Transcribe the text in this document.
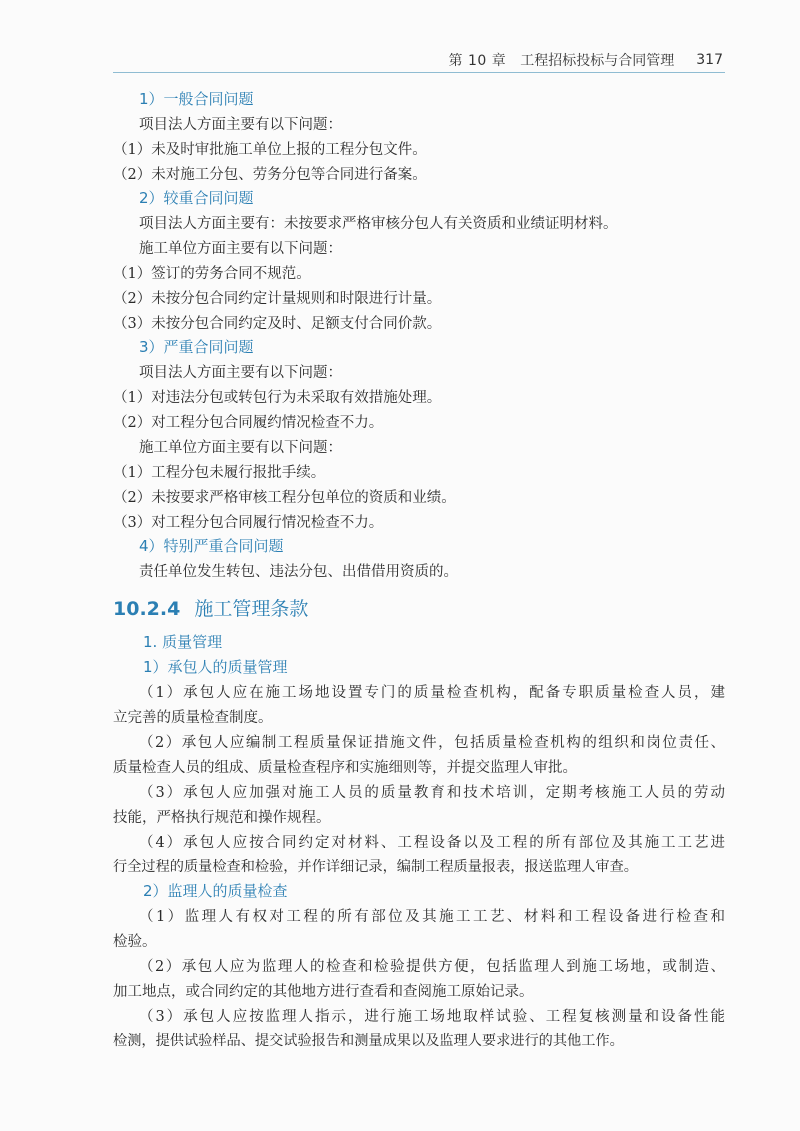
第 10 章 工程招标投标与合同管理 317
1）一般合同问题
项目法人方面主要有以下问题：
（1）未及时审批施工单位上报的工程分包文件。
（2）未对施工分包、劳务分包等合同进行备案。
2）较重合同问题
项目法人方面主要有：未按要求严格审核分包人有关资质和业绩证明材料。
施工单位方面主要有以下问题：
（1）签订的劳务合同不规范。
（2）未按分包合同约定计量规则和时限进行计量。
（3）未按分包合同约定及时、足额支付合同价款。
3）严重合同问题
项目法人方面主要有以下问题：
（1）对违法分包或转包行为未采取有效措施处理。
（2）对工程分包合同履约情况检查不力。
施工单位方面主要有以下问题：
（1）工程分包未履行报批手续。
（2）未按要求严格审核工程分包单位的资质和业绩。
（3）对工程分包合同履行情况检查不力。
4）特别严重合同问题
责任单位发生转包、违法分包、出借借用资质的。
10.2.4 施工管理条款
1. 质量管理
1）承包人的质量管理
（1）承包人应在施工场地设置专门的质量检查机构，配备专职质量检查人员，建
立完善的质量检查制度。
（2）承包人应编制工程质量保证措施文件，包括质量检查机构的组织和岗位责任、
质量检查人员的组成、质量检查程序和实施细则等，并提交监理人审批。
（3）承包人应加强对施工人员的质量教育和技术培训，定期考核施工人员的劳动
技能，严格执行规范和操作规程。
（4）承包人应按合同约定对材料、工程设备以及工程的所有部位及其施工工艺进
行全过程的质量检查和检验，并作详细记录，编制工程质量报表，报送监理人审查。
2）监理人的质量检查
（1）监理人有权对工程的所有部位及其施工工艺、材料和工程设备进行检查和
检验。
（2）承包人应为监理人的检查和检验提供方便，包括监理人到施工场地，或制造、
加工地点，或合同约定的其他地方进行查看和查阅施工原始记录。
（3）承包人应按监理人指示，进行施工场地取样试验、工程复核测量和设备性能
检测，提供试验样品、提交试验报告和测量成果以及监理人要求进行的其他工作。
